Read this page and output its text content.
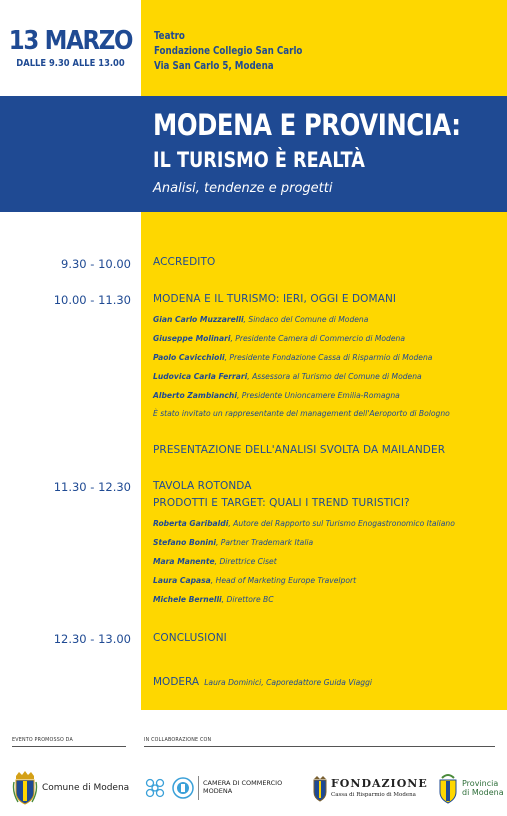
13 MARZO
DALLE 9.30 ALLE 13.00
Teatro
Fondazione Collegio San Carlo
Via San Carlo 5, Modena
MODENA E PROVINCIA:
IL TURISMO È REALTÀ
Analisi, tendenze e progetti
9.30 - 10.00 ACCREDITO
10.00 - 11.30 MODENA E IL TURISMO: IERI, OGGI E DOMANI
Gian Carlo Muzzarelli, Sindaco del Comune di Modena
Giuseppe Molinari, Presidente Camera di Commercio di Modena
Paolo Cavicchioli, Presidente Fondazione Cassa di Risparmio di Modena
Ludovica Carla Ferrari, Assessora al Turismo del Comune di Modena
Alberto Zambianchi, Presidente Unioncamere Emilia-Romagna
È stato invitato un rappresentante del management dell'Aeroporto di Bologno
PRESENTAZIONE DELL'ANALISI SVOLTA DA MAILANDER
11.30 - 12.30 TAVOLA ROTONDA
PRODOTTI E TARGET: QUALI I TREND TURISTICI?
Roberta Garibaldi, Autore del Rapporto sul Turismo Enogastronomico Italiano
Stefano Bonini, Partner Trademark Italia
Mara Manente, Direttrice Ciset
Laura Capasa, Head of Marketing Europe Travelport
Michele Bernelli, Direttore BC
12.30 - 13.00 CONCLUSIONI
MODERA Laura Dominici, Caporedattore Guida Viaggi
EVENTO PROMOSSO DA	IN COLLABORAZIONE CON
Comune di Modena	CAMERA DI COMMERCIO
MODENA
FONDAZIONE
Cassa di Risparmio di Modena
Provincia
di Modena
